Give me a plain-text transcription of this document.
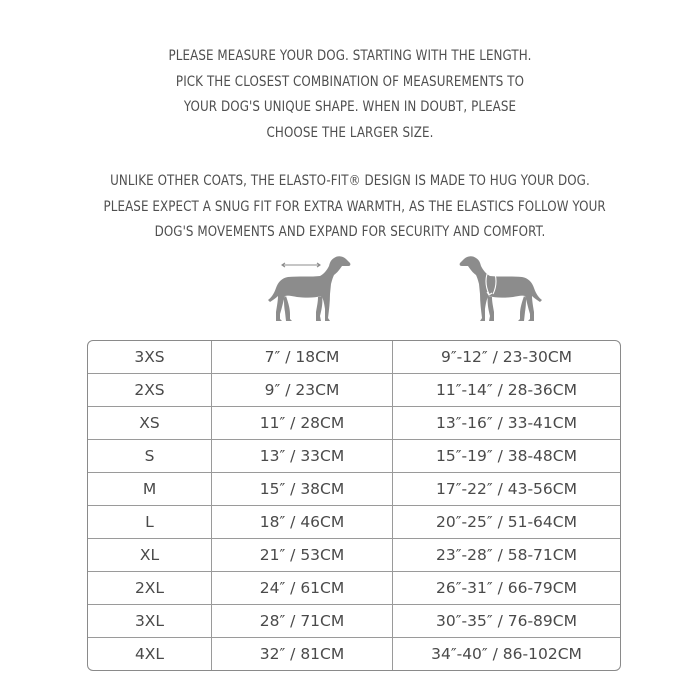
PLEASE MEASURE YOUR DOG. STARTING WITH THE LENGTH.
PICK THE CLOSEST COMBINATION OF MEASUREMENTS TO
YOUR DOG'S UNIQUE SHAPE. WHEN IN DOUBT, PLEASE
CHOOSE THE LARGER SIZE.
UNLIKE OTHER COATS, THE ELASTO-FIT® DESIGN IS MADE TO HUG YOUR DOG.
PLEASE EXPECT A SNUG FIT FOR EXTRA WARMTH, AS THE ELASTICS FOLLOW YOUR
DOG'S MOVEMENTS AND EXPAND FOR SECURITY AND COMFORT.
3XS	7″ / 18CM	9″-12″ / 23-30CM
2XS	9″ / 23CM	11″-14″ / 28-36CM
XS	11″ / 28CM	13″-16″ / 33-41CM
S	13″ / 33CM	15″-19″ / 38-48CM
M	15″ / 38CM	17″-22″ / 43-56CM
L	18″ / 46CM	20″-25″ / 51-64CM
XL	21″ / 53CM	23″-28″ / 58-71CM
2XL	24″ / 61CM	26″-31″ / 66-79CM
3XL	28″ / 71CM	30″-35″ / 76-89CM
4XL	32″ / 81CM	34″-40″ / 86-102CM
